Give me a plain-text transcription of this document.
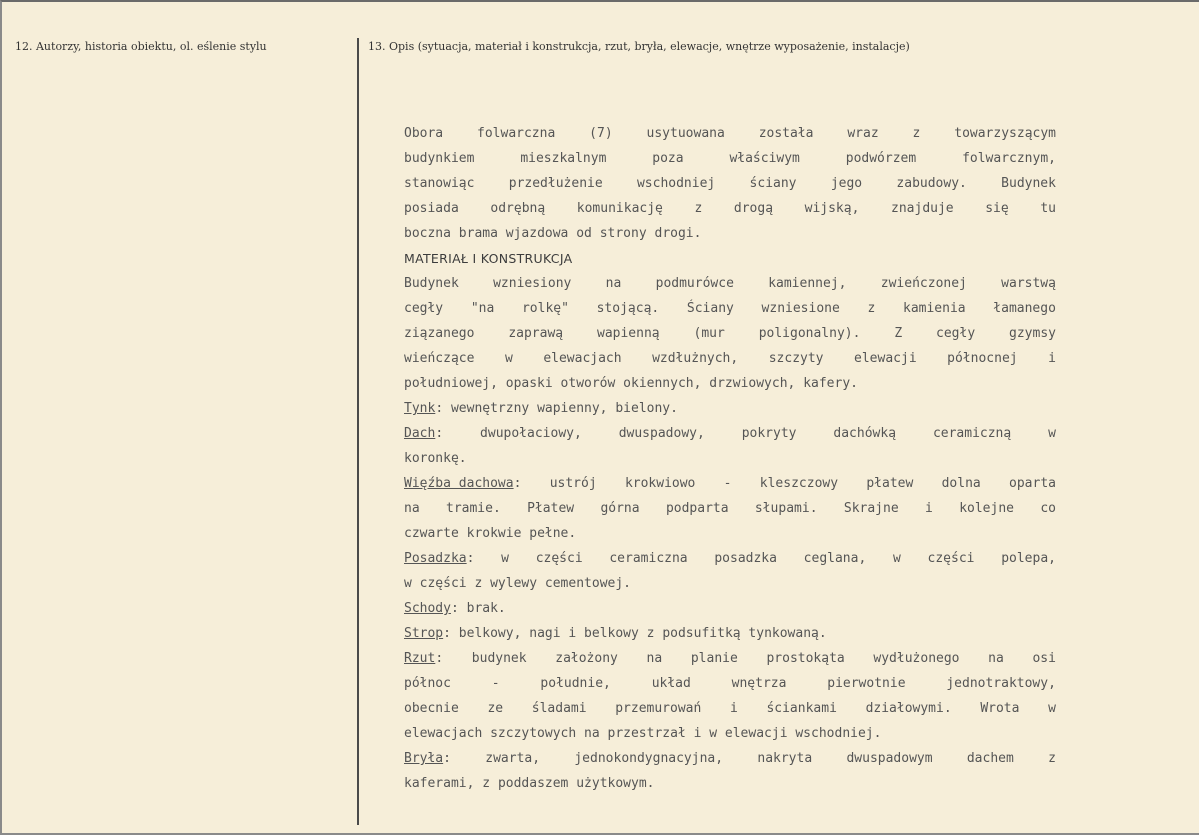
12. Autorzy, historia obiektu, ol. eślenie stylu	13. Opis (sytuacja, materiał i konstrukcja, rzut, bryła, elewacje, wnętrze wyposażenie, instalacje)
Obora	folwarczna	(7)	usytuowana	została	wraz	z	towarzyszącym
budynkiem	mieszkalnym	poza	właściwym	podwórzem	folwarcznym,
stanowiąc	przedłużenie	wschodniej	ściany	jego	zabudowy.	Budynek
posiada odrębną komunikację z drogą wijską, znajduje się tu
boczna brama wjazdowa od strony drogi.
MATERIAŁ I KONSTRUKCJA
Budynek	wzniesiony	na	podmurówce	kamiennej,	zwieńczonej	warstwą
cegły "na rolkę" stojącą. Ściany wzniesione z kamienia łamanego
ziązanego	zaprawą	wapienną	(mur	poligonalny).	Z	cegły	gzymsy
wieńczące w elewacjach wzdłużnych, szczyty elewacji północnej i
południowej, opaski otworów okiennych, drzwiowych, kafery.
Tynk: wewnętrzny wapienny, bielony.
Dach:	dwupołaciowy,	dwuspadowy,	pokryty	dachówką	ceramiczną	w
koronkę.
Więźba dachowa: ustrój krokwiowo - kleszczowy płatew dolna oparta
na tramie. Płatew górna podparta słupami. Skrajne i kolejne co
czwarte krokwie pełne.
Posadzka: w części ceramiczna posadzka ceglana, w części polepa,
w części z wylewy cementowej.
Schody: brak.
Strop: belkowy, nagi i belkowy z podsufitką tynkowaną.
Rzut: budynek założony na planie prostokąta wydłużonego na osi
północ	-	południe,	układ	wnętrza	pierwotnie	jednotraktowy,
obecnie ze śladami przemurowań i ściankami działowymi. Wrota w
elewacjach szczytowych na przestrzał i w elewacji wschodniej.
Bryła:	zwarta,	jednokondygnacyjna,	nakryta	dwuspadowym	dachem	z
kaferami, z poddaszem użytkowym.
